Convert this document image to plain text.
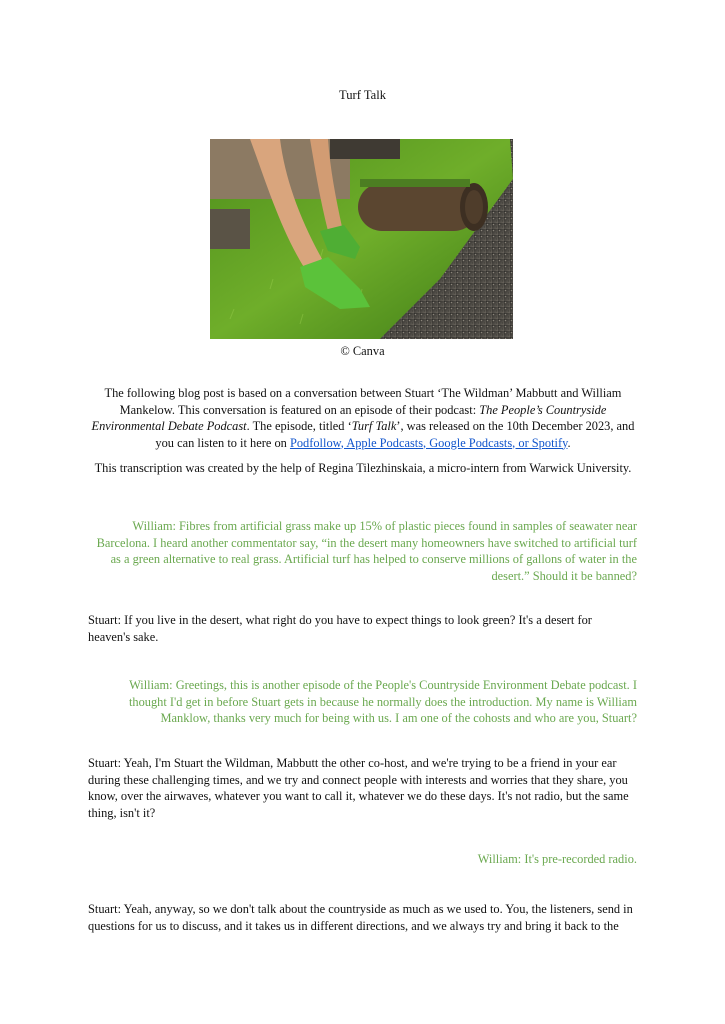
Turf Talk

© Canva

The following blog post is based on a conversation between Stuart ‘The Wildman’ Mabbutt and William Mankelow. This conversation is featured on an episode of their podcast: The People’s Countryside Environmental Debate Podcast. The episode, titled ‘Turf Talk’, was released on the 10th December 2023, and you can listen to it here on Podfollow, Apple Podcasts, Google Podcasts, or Spotify.

This transcription was created by the help of Regina Tilezhinskaia, a micro-intern from Warwick University.

William: Fibres from artificial grass make up 15% of plastic pieces found in samples of seawater near Barcelona. I heard another commentator say, “in the desert many homeowners have switched to artificial turf as a green alternative to real grass. Artificial turf has helped to conserve millions of gallons of water in the desert.” Should it be banned?

Stuart: If you live in the desert, what right do you have to expect things to look green? It's a desert for heaven's sake.

William: Greetings, this is another episode of the People's Countryside Environment Debate podcast. I thought I'd get in before Stuart gets in because he normally does the introduction. My name is William Manklow, thanks very much for being with us. I am one of the cohosts and who are you, Stuart?

Stuart: Yeah, I'm Stuart the Wildman, Mabbutt the other co-host, and we're trying to be a friend in your ear during these challenging times, and we try and connect people with interests and worries that they share, you know, over the airwaves, whatever you want to call it, whatever we do these days. It's not radio, but the same thing, isn't it?

William: It's pre-recorded radio.

Stuart: Yeah, anyway, so we don't talk about the countryside as much as we used to. You, the listeners, send in questions for us to discuss, and it takes us in different directions, and we always try and bring it back to the
